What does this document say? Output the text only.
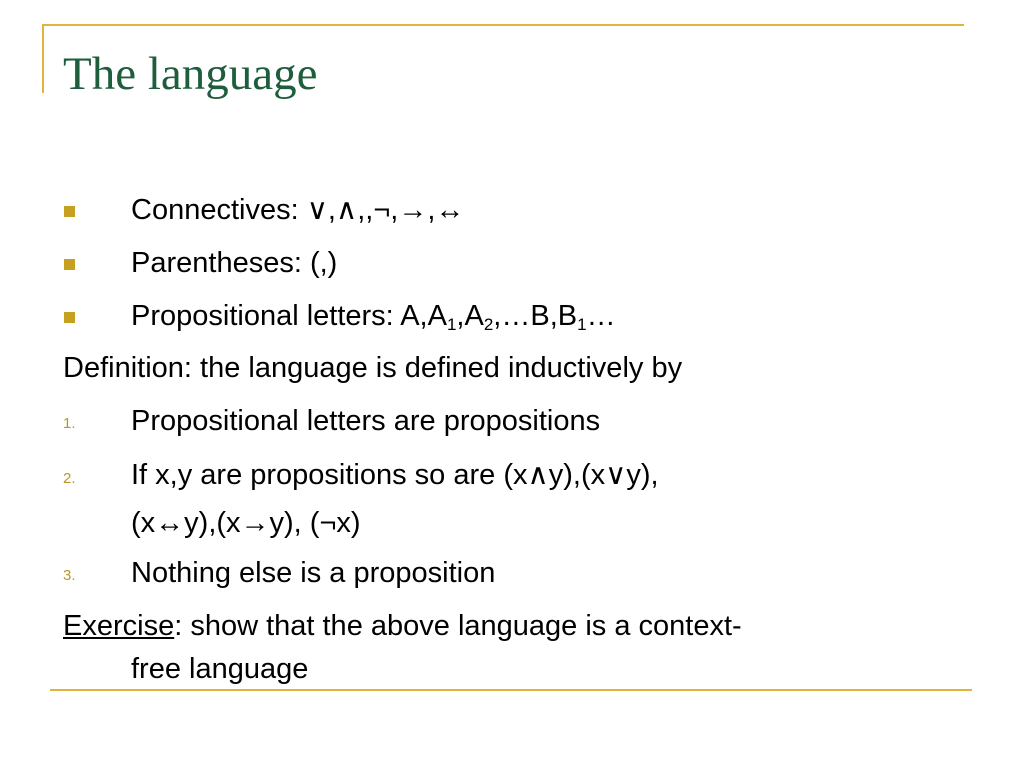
The language
Connectives: ∨,∧,,¬,→,↔
Parentheses: (,)
Propositional letters: $A,A_1,A_2,\dots B,B_1\dots$
Definition: the language is defined inductively by
1. Propositional letters are propositions
2. If x,y are propositions so are (x∧y),(x∨y),
(x↔y),(x→y), (¬x)
3. Nothing else is a proposition
Exercise: show that the above language is a context-
free language
